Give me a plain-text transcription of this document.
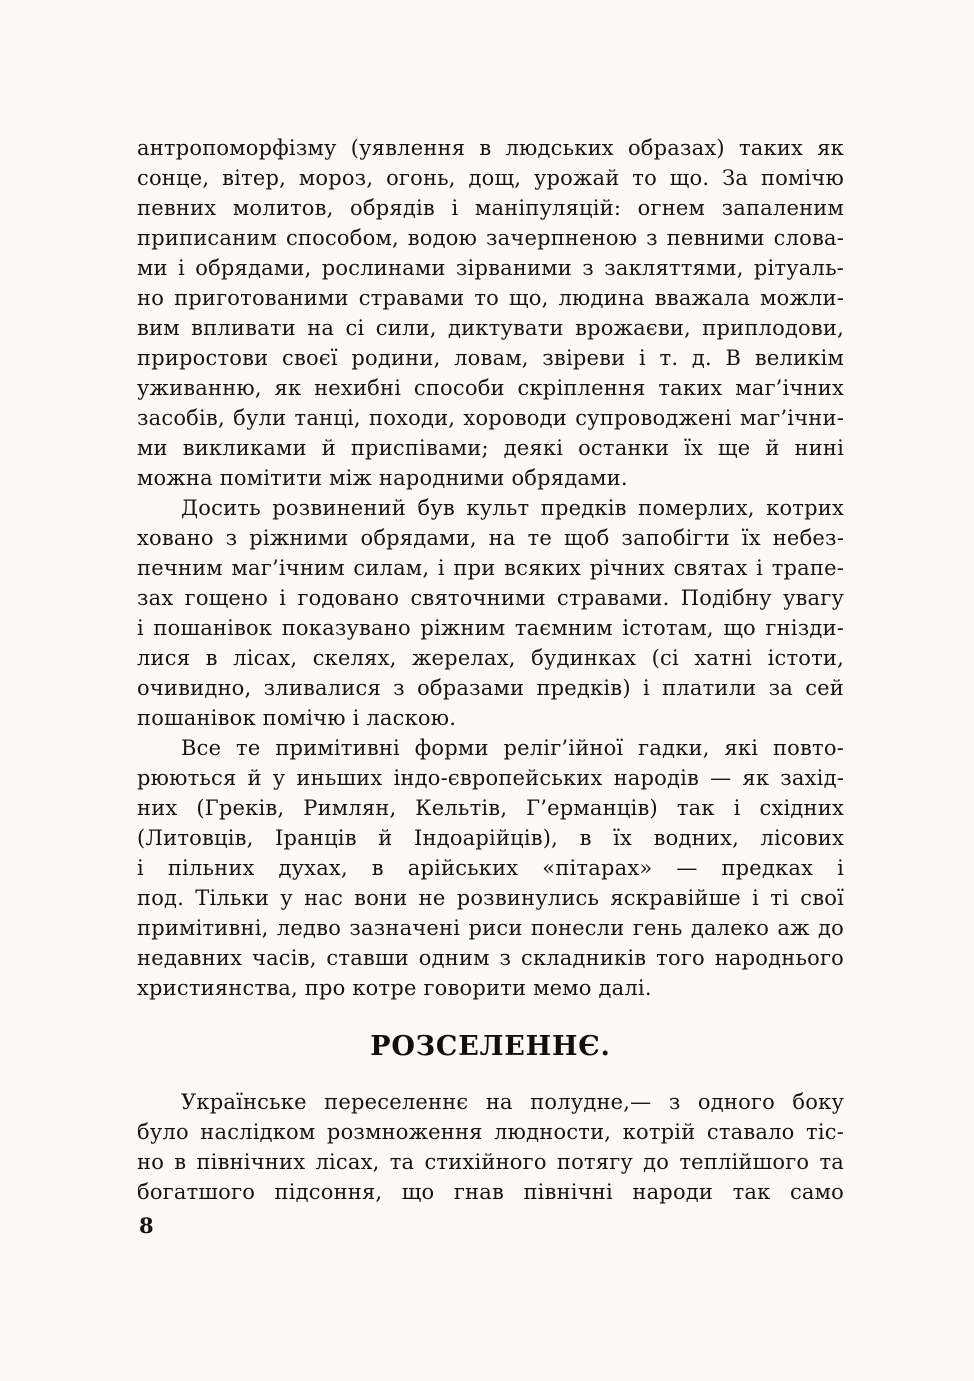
антропоморфізму (уявлення в людських образах) таких як
сонце, вітер, мороз, огонь, дощ, урожай то що. За помічю
певних молитов, обрядів і маніпуляцій: огнем запаленим
приписаним способом, водою зачерпненою з певними слова-
ми і обрядами, рослинами зірваними з закляттями, рітуаль-
но приготованими стравами то що, людина вважала можли-
вим впливати на сі сили, диктувати врожаєви, приплодови,
приростови своєї родини, ловам, звіреви і т. д. В великім
уживанню, як нехибні способи скріплення таких маг’ічних
засобів, були танці, походи, хороводи супроводжені маг’ічни-
ми викликами й приспівами; деякі останки їх ще й нині
можна помітити між народними обрядами.
Досить розвинений був культ предків померлих, котрих
ховано з ріжними обрядами, на те щоб запобігти їх небез-
печним маг’ічним силам, і при всяких річних святах і трапе-
зах гощено і годовано святочними стравами. Подібну увагу
і пошанівок показувано ріжним таємним істотам, що гнізди-
лися в лісах, скелях, жерелах, будинках (сі хатні істоти,
очивидно, зливалися з образами предків) і платили за сей
пошанівок помічю і ласкою.
Все те примітивні форми реліг’ійної гадки, які повто-
рюються й у иньших індо-європейських народів — як захід-
них (Греків, Римлян, Кельтів, Г’ерманців) так і східних
(Литовців, Іранців й Індоарійців), в їх водних, лісових
і пільних духах, в арійських «пітарах» — предках і
под. Тільки у нас вони не розвинулись яскравійше і ті свої
примітивні, ледво зазначені риси понесли гень далеко аж до
недавних часів, ставши одним з складників того народнього
християнства, про котре говорити мемо далі.
РОЗСЕЛЕННЄ.
Українське переселеннє на полудне,— з одного боку
було наслідком розмноження людности, котрій ставало тіс-
но в північних лісах, та стихійного потягу до теплійшого та
богатшого підсоння, що гнав північні народи так само
8
